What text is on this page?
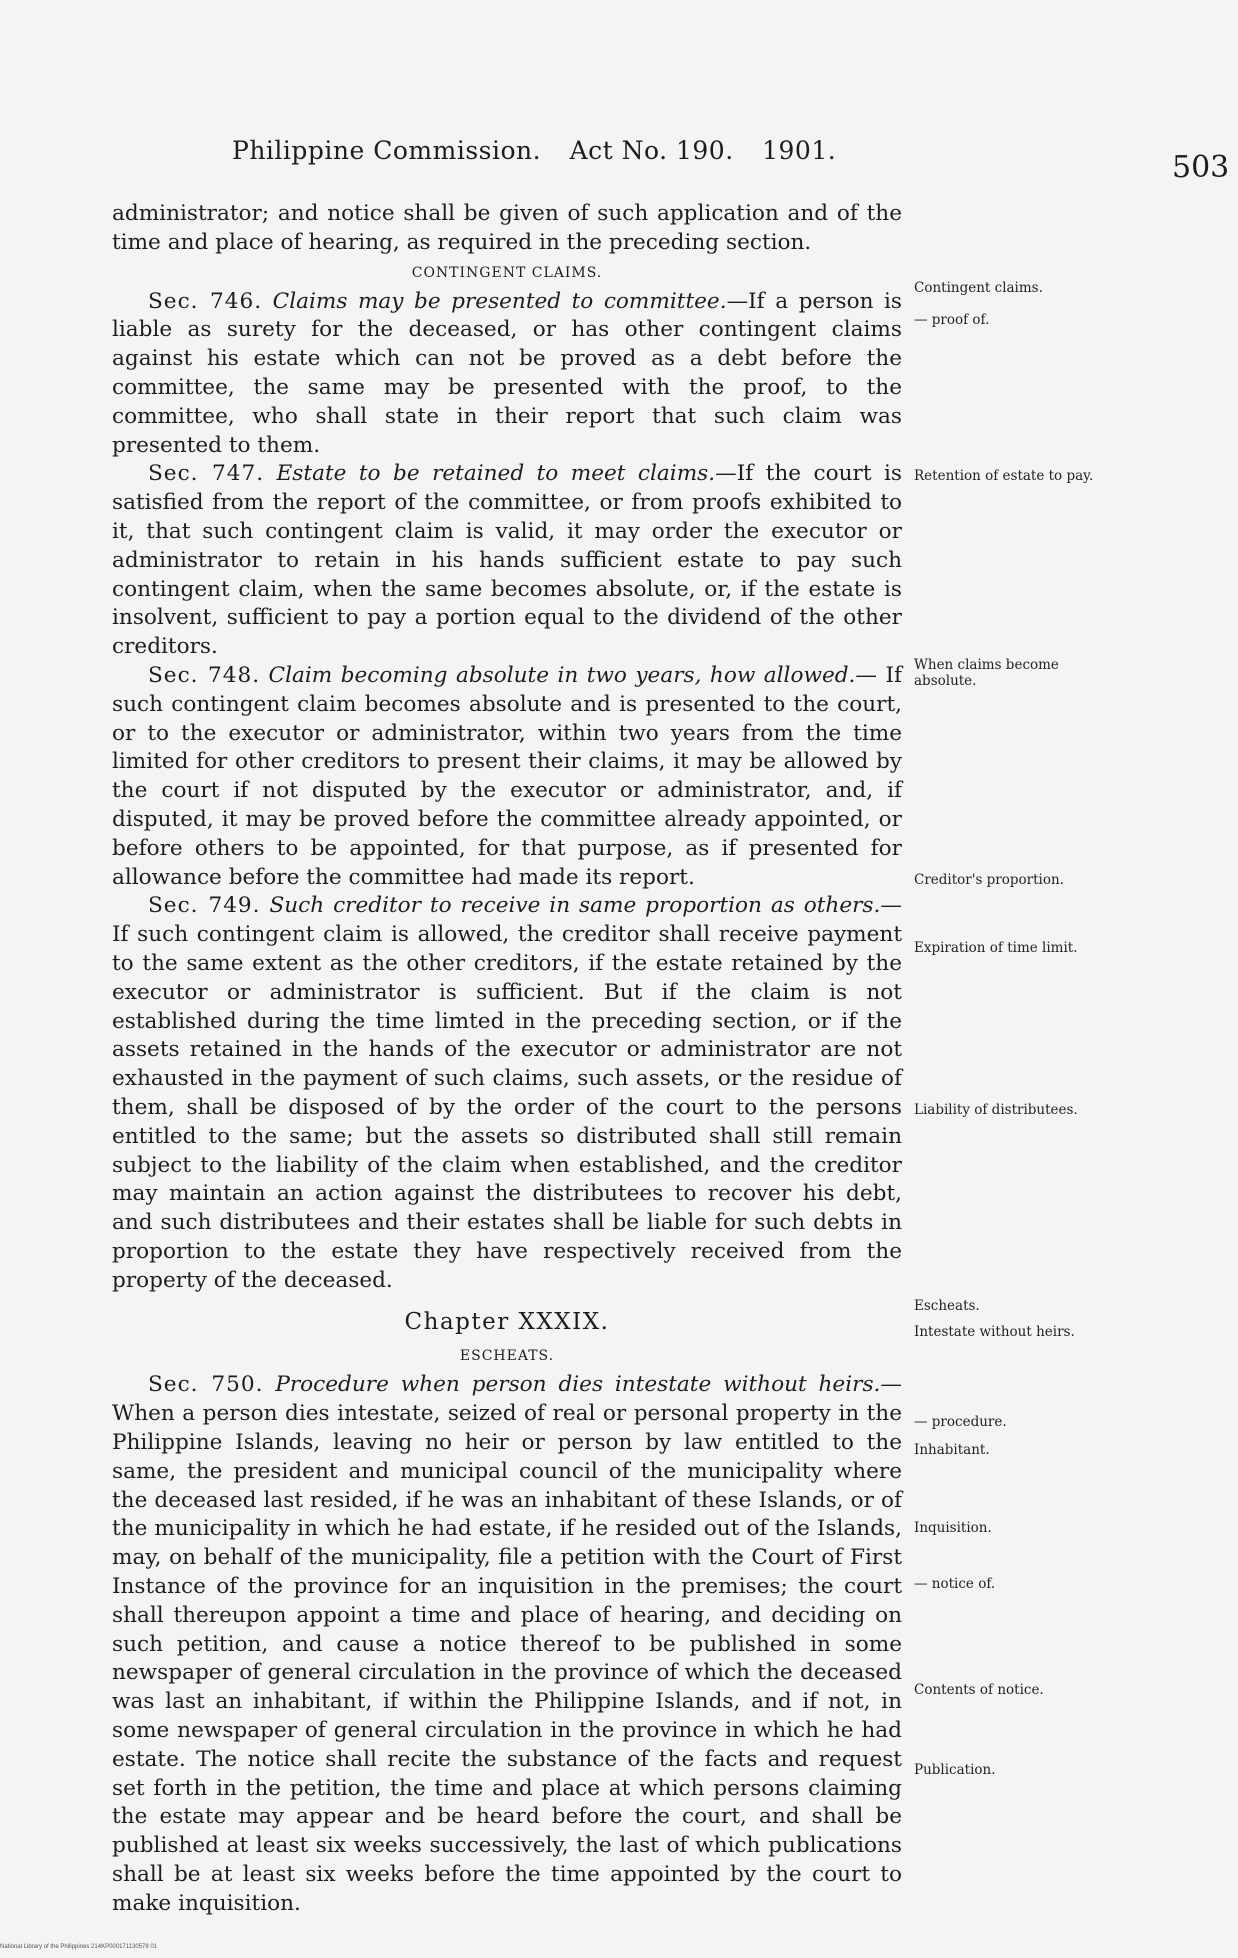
Philippine Commission. Act No. 190. 1901.	503

administrator; and notice shall be given of such application and of the time and place of hearing, as required in the preceding section.

CONTINGENT CLAIMS.

Sec. 746. Claims may be presented to committee.—If a person is liable as surety for the deceased, or has other contingent claims against his estate which can not be proved as a debt before the committee, the same may be presented with the proof, to the committee, who shall state in their report that such claim was presented to them.

Sec. 747. Estate to be retained to meet claims.—If the court is satisfied from the report of the committee, or from proofs exhibited to it, that such contingent claim is valid, it may order the executor or administrator to retain in his hands sufficient estate to pay such contingent claim, when the same becomes absolute, or, if the estate is insolvent, sufficient to pay a portion equal to the dividend of the other creditors.

Sec. 748. Claim becoming absolute in two years, how allowed.— If such contingent claim becomes absolute and is presented to the court, or to the executor or administrator, within two years from the time limited for other creditors to present their claims, it may be allowed by the court if not disputed by the executor or administrator, and, if disputed, it may be proved before the committee already appointed, or before others to be appointed, for that purpose, as if presented for allowance before the committee had made its report.

Sec. 749. Such creditor to receive in same proportion as others.— If such contingent claim is allowed, the creditor shall receive payment to the same extent as the other creditors, if the estate retained by the executor or administrator is sufficient. But if the claim is not established during the time limted in the preceding section, or if the assets retained in the hands of the executor or administrator are not exhausted in the payment of such claims, such assets, or the residue of them, shall be disposed of by the order of the court to the persons entitled to the same; but the assets so distributed shall still remain subject to the liability of the claim when established, and the creditor may maintain an action against the distributees to recover his debt, and such distributees and their estates shall be liable for such debts in proportion to the estate they have respectively received from the property of the deceased.

Chapter XXXIX.
ESCHEATS.

Sec. 750. Procedure when person dies intestate without heirs.— When a person dies intestate, seized of real or personal property in the Philippine Islands, leaving no heir or person by law entitled to the same, the president and municipal council of the municipality where the deceased last resided, if he was an inhabitant of these Islands, or of the municipality in which he had estate, if he resided out of the Islands, may, on behalf of the municipality, file a petition with the Court of First Instance of the province for an inquisition in the premises; the court shall thereupon appoint a time and place of hearing, and deciding on such petition, and cause a notice thereof to be published in some newspaper of general circulation in the province of which the deceased was last an inhabitant, if within the Philippine Islands, and if not, in some newspaper of general circulation in the province in which he had estate. The notice shall recite the substance of the facts and request set forth in the petition, the time and place at which persons claiming the estate may appear and be heard before the court, and shall be published at least six weeks successively, the last of which publications shall be at least six weeks before the time appointed by the court to make inquisition.

Contingent claims.
— proof of.
Retention of estate to pay.
When claims become absolute.
Creditor's proportion.
Expiration of time limit.
Liability of distributees.
Escheats.
Intestate without heirs.
— procedure.
Inhabitant.
Inquisition.
— notice of.
Contents of notice.
Publication.
National Library of the Philippines 214KP000171130578 01
